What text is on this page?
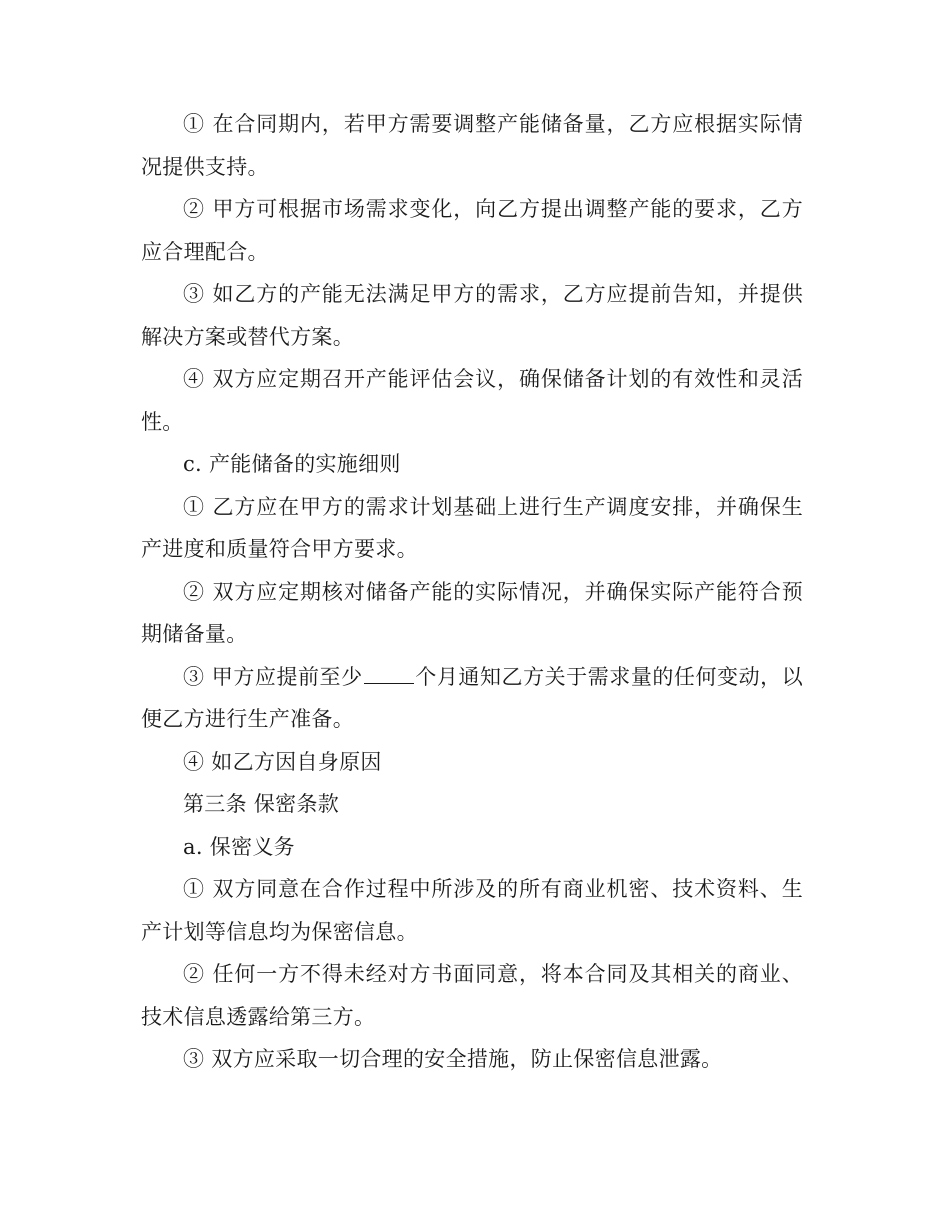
① 在合同期内，若甲方需要调整产能储备量，乙方应根据实际情况提供支持。

② 甲方可根据市场需求变化，向乙方提出调整产能的要求，乙方应合理配合。

③ 如乙方的产能无法满足甲方的需求，乙方应提前告知，并提供解决方案或替代方案。

④ 双方应定期召开产能评估会议，确保储备计划的有效性和灵活性。

c. 产能储备的实施细则

① 乙方应在甲方的需求计划基础上进行生产调度安排，并确保生产进度和质量符合甲方要求。

② 双方应定期核对储备产能的实际情况，并确保实际产能符合预期储备量。

③ 甲方应提前至少 个月通知乙方关于需求量的任何变动，以便乙方进行生产准备。

④ 如乙方因自身原因

第三条 保密条款

a. 保密义务

① 双方同意在合作过程中所涉及的所有商业机密、技术资料、生产计划等信息均为保密信息。

② 任何一方不得未经对方书面同意，将本合同及其相关的商业、技术信息透露给第三方。

③ 双方应采取一切合理的安全措施，防止保密信息泄露。
